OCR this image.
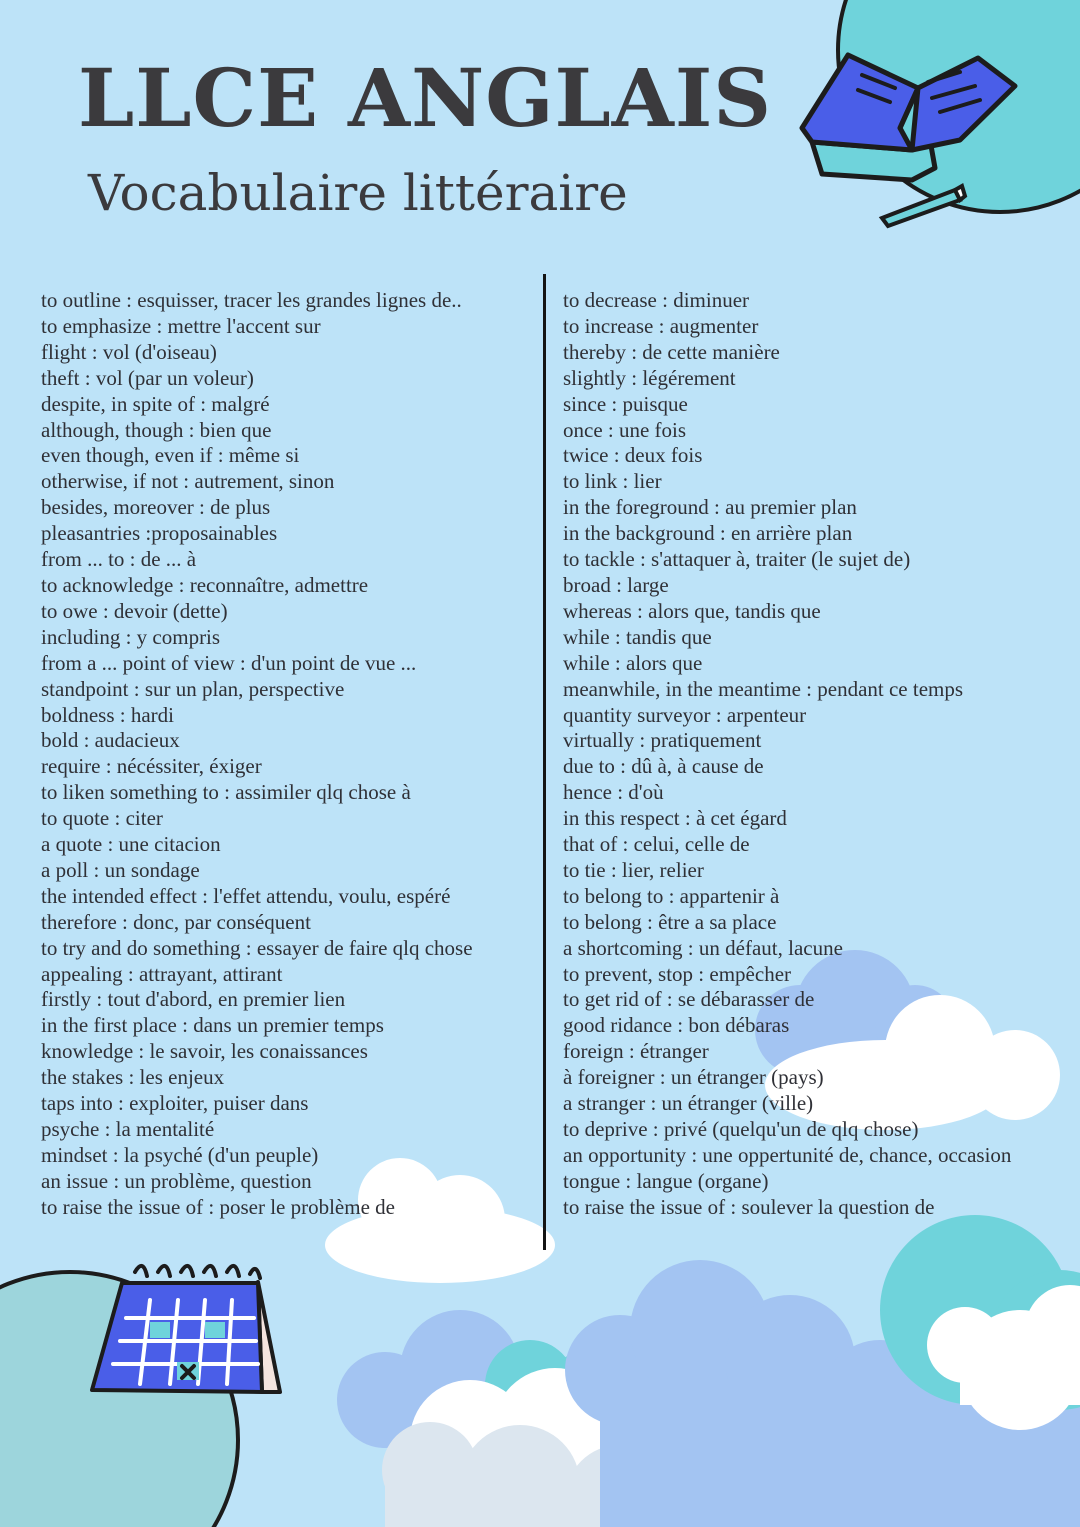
LLCE ANGLAIS
Vocabulaire littéraire
to outline : esquisser, tracer les grandes lignes de..
to emphasize : mettre l'accent sur
flight : vol (d'oiseau)
theft : vol (par un voleur)
despite, in spite of : malgré
although, though : bien que
even though, even if : même si
otherwise, if not : autrement, sinon
besides, moreover : de plus
pleasantries :proposainables
from ... to : de ... à
to acknowledge : reconnaître, admettre
to owe : devoir (dette)
including : y compris
from a ... point of view : d'un point de vue ...
standpoint : sur un plan, perspective
boldness : hardi
bold : audacieux
require : nécéssiter, éxiger
to liken something to : assimiler qlq chose à
to quote : citer
a quote : une citacion
a poll : un sondage
the intended effect : l'effet attendu, voulu, espéré
therefore : donc, par conséquent
to try and do something : essayer de faire qlq chose
appealing : attrayant, attirant
firstly : tout d'abord, en premier lien
in the first place : dans un premier temps
knowledge : le savoir, les conaissances
the stakes : les enjeux
taps into : exploiter, puiser dans
psyche : la mentalité
mindset : la psyché (d'un peuple)
an issue : un problème, question
to raise the issue of : poser le problème de
to decrease : diminuer
to increase : augmenter
thereby : de cette manière
slightly : légérement
since : puisque
once : une fois
twice : deux fois
to link : lier
in the foreground : au premier plan
in the background : en arrière plan
to tackle : s'attaquer à, traiter (le sujet de)
broad : large
whereas : alors que, tandis que
while : tandis que
while : alors que
meanwhile, in the meantime : pendant ce temps
quantity surveyor : arpenteur
virtually : pratiquement
due to : dû à, à cause de
hence : d'où
in this respect : à cet égard
that of : celui, celle de
to tie : lier, relier
to belong to : appartenir à
to belong : être a sa place
a shortcoming : un défaut, lacune
to prevent, stop : empêcher
to get rid of : se débarasser de
good ridance : bon débaras
foreign : étranger
à foreigner : un étranger (pays)
a stranger : un étranger (ville)
to deprive : privé (quelqu'un de qlq chose)
an opportunity : une oppertunité de, chance, occasion
tongue : langue (organe)
to raise the issue of : soulever la question de
